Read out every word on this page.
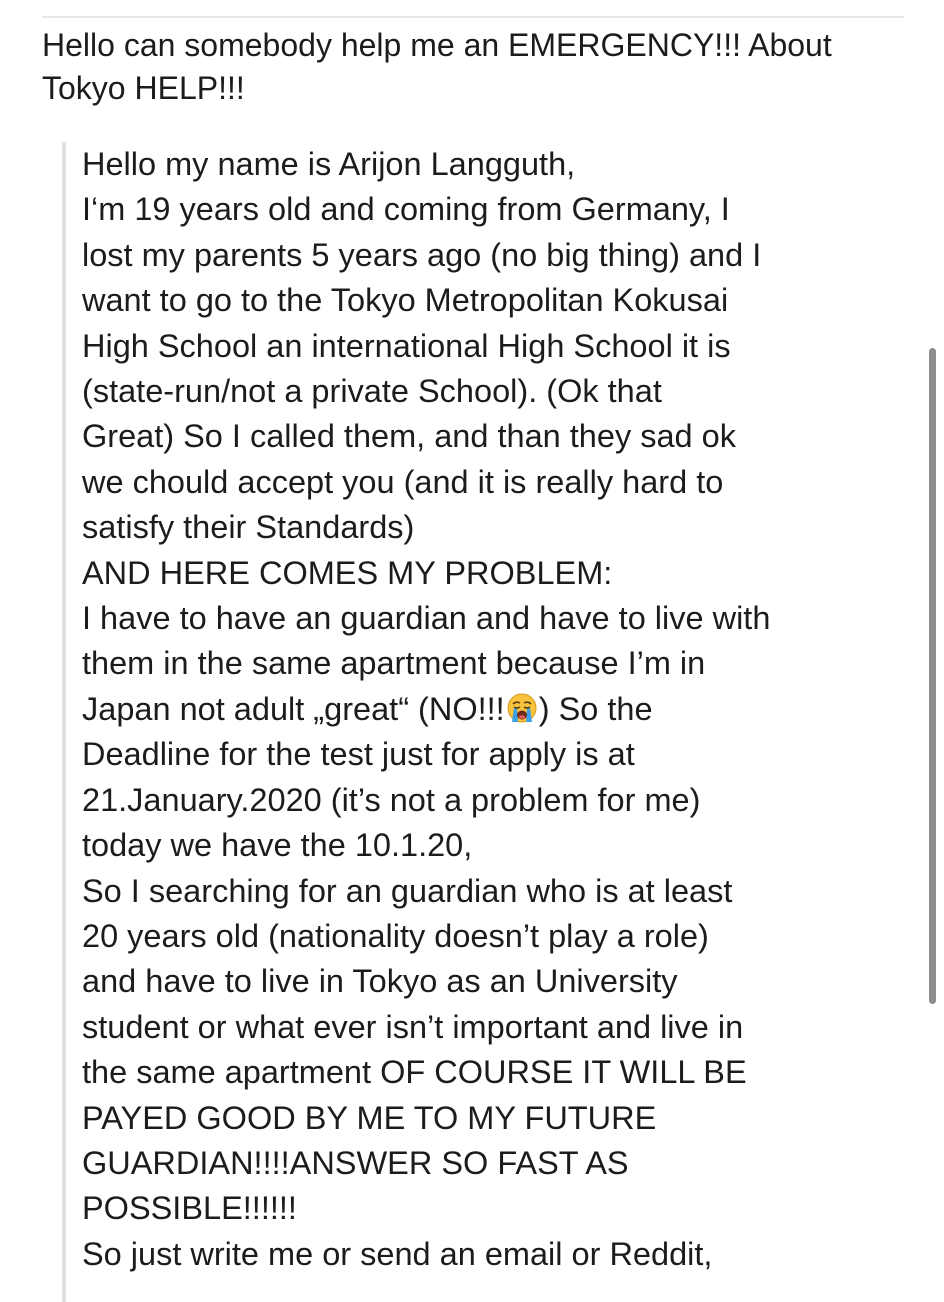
Hello can somebody help me an EMERGENCY!!! About Tokyo HELP!!!
Hello my name is Arijon Langguth,
I‘m 19 years old and coming from Germany, I
lost my parents 5 years ago (no big thing) and I
want to go to the Tokyo Metropolitan Kokusai
High School an international High School it is
(state-run/not a private School). (Ok that
Great) So I called them, and than they sad ok
we chould accept you (and it is really hard to
satisfy their Standards)
AND HERE COMES MY PROBLEM:
I have to have an guardian and have to live with
them in the same apartment because I’m in
Japan not adult „great“ (NO!!! ) So the
Deadline for the test just for apply is at
21.January.2020 (it’s not a problem for me)
today we have the 10.1.20,
So I searching for an guardian who is at least
20 years old (nationality doesn’t play a role)
and have to live in Tokyo as an University
student or what ever isn’t important and live in
the same apartment OF COURSE IT WILL BE
PAYED GOOD BY ME TO MY FUTURE
GUARDIAN!!!!ANSWER SO FAST AS
POSSIBLE!!!!!!
So just write me or send an email or Reddit,
